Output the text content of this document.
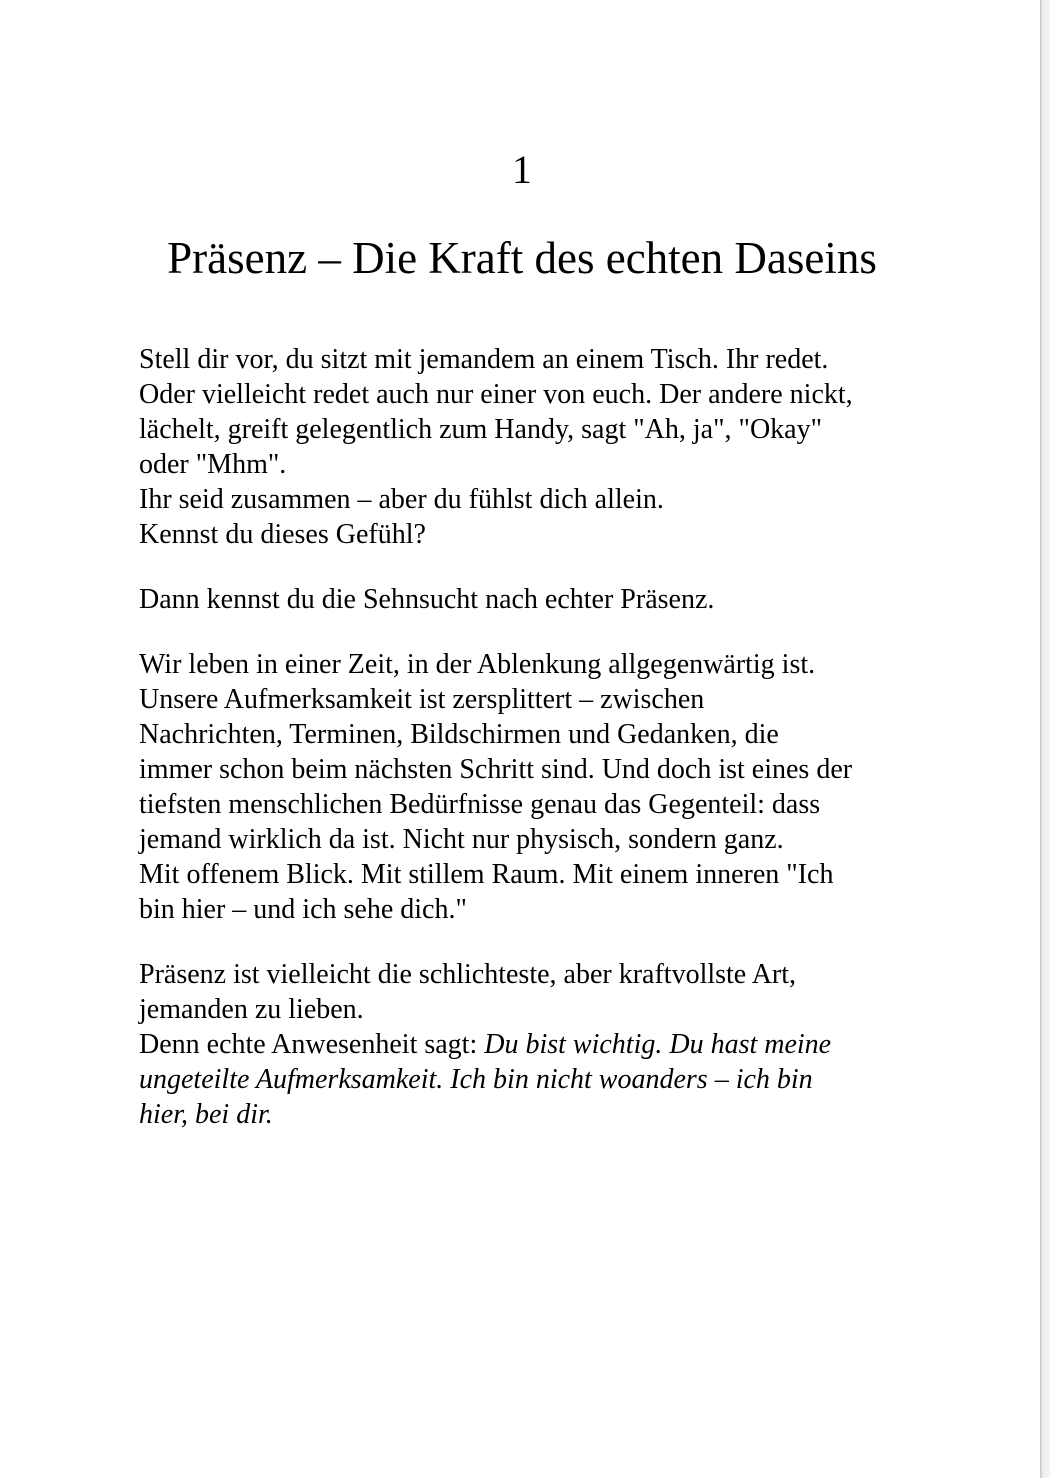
1
Präsenz – Die Kraft des echten Daseins

Stell dir vor, du sitzt mit jemandem an einem Tisch. Ihr redet.
Oder vielleicht redet auch nur einer von euch. Der andere nickt,
lächelt, greift gelegentlich zum Handy, sagt "Ah, ja", "Okay"
oder "Mhm".
Ihr seid zusammen – aber du fühlst dich allein.
Kennst du dieses Gefühl?

Dann kennst du die Sehnsucht nach echter Präsenz.

Wir leben in einer Zeit, in der Ablenkung allgegenwärtig ist.
Unsere Aufmerksamkeit ist zersplittert – zwischen
Nachrichten, Terminen, Bildschirmen und Gedanken, die
immer schon beim nächsten Schritt sind. Und doch ist eines der
tiefsten menschlichen Bedürfnisse genau das Gegenteil: dass
jemand wirklich da ist. Nicht nur physisch, sondern ganz.
Mit offenem Blick. Mit stillem Raum. Mit einem inneren "Ich
bin hier – und ich sehe dich."

Präsenz ist vielleicht die schlichteste, aber kraftvollste Art,
jemanden zu lieben.
Denn echte Anwesenheit sagt: Du bist wichtig. Du hast meine
ungeteilte Aufmerksamkeit. Ich bin nicht woanders – ich bin
hier, bei dir.
